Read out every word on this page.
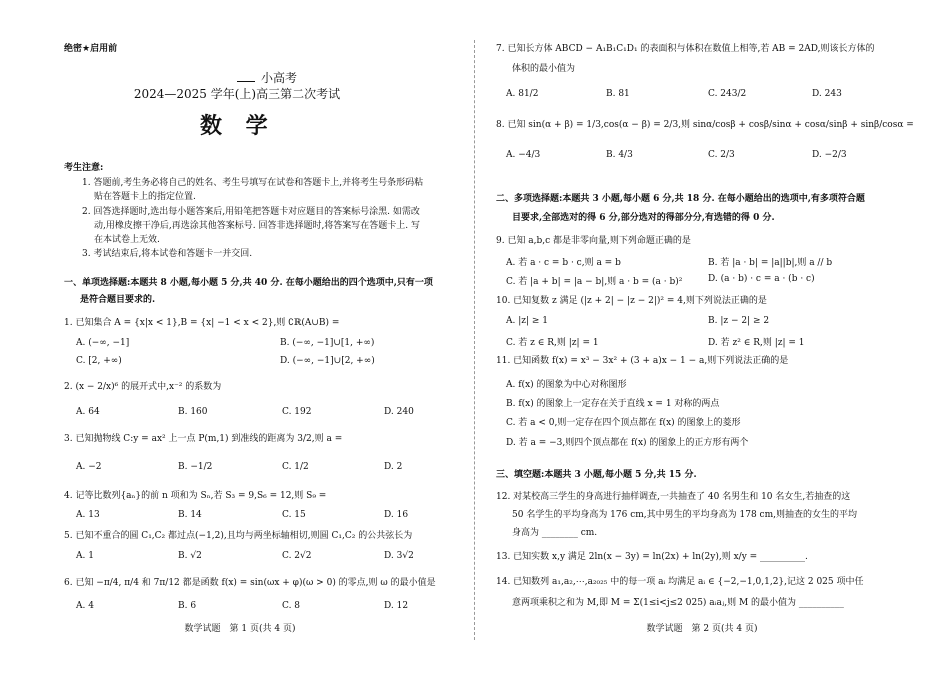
绝密★启用前
小高考
2024—2025 学年(上)高三第二次考试
数 学
考生注意:
1. 答题前,考生务必将自己的姓名、考生号填写在试卷和答题卡上,并将考生号条形码粘
贴在答题卡上的指定位置.
2. 回答选择题时,选出每小题答案后,用铅笔把答题卡对应题目的答案标号涂黑. 如需改
动,用橡皮擦干净后,再选涂其他答案标号. 回答非选择题时,将答案写在答题卡上. 写
在本试卷上无效.
3. 考试结束后,将本试卷和答题卡一并交回.
一、单项选择题:本题共 8 小题,每小题 5 分,共 40 分. 在每小题给出的四个选项中,只有一项
是符合题目要求的.
1. 已知集合 A = {x|x < 1},B = {x| −1 < x < 2},则 ∁ℝ(A∪B) =
A. (−∞, −1]	B. (−∞, −1]∪[1, +∞)
C. [2, +∞)	D. (−∞, −1]∪[2, +∞)
2. (x − 2/x)⁶ 的展开式中,x⁻² 的系数为
A. 64	B. 160	C. 192	D. 240
3. 已知抛物线 C:y = ax² 上一点 P(m,1) 到准线的距离为 3/2,则 a =
A. −2	B. −1/2	C. 1/2	D. 2
4. 记等比数列{aₙ}的前 n 项和为 Sₙ,若 S₃ = 9,S₆ = 12,则 S₉ =
A. 13	B. 14	C. 15	D. 16
5. 已知不重合的圆 C₁,C₂ 都过点(−1,2),且均与两坐标轴相切,则圆 C₁,C₂ 的公共弦长为
A. 1	B. √2	C. 2√2	D. 3√2
6. 已知 −π/4, π/4 和 7π/12 都是函数 f(x) = sin(ωx + φ)(ω > 0) 的零点,则 ω 的最小值是
A. 4	B. 6	C. 8	D. 12
数学试题　第 1 页(共 4 页)
7. 已知长方体 ABCD − A₁B₁C₁D₁ 的表面积与体积在数值上相等,若 AB = 2AD,则该长方体的
体积的最小值为
A. 81/2	B. 81	C. 243/2	D. 243
8. 已知 sin(α + β) = 1/3,cos(α − β) = 2/3,则 sinα/cosβ + cosβ/sinα + cosα/sinβ + sinβ/cosα =
A. −4/3	B. 4/3	C. 2/3	D. −2/3
二、多项选择题:本题共 3 小题,每小题 6 分,共 18 分. 在每小题给出的选项中,有多项符合题
目要求,全部选对的得 6 分,部分选对的得部分分,有选错的得 0 分.
9. 已知 a,b,c 都是非零向量,则下列命题正确的是
A. 若 a · c = b · c,则 a = b	B. 若 |a · b| = |a||b|,则 a // b
C. 若 |a + b| = |a − b|,则 a · b = (a · b)²	D. (a · b) · c = a · (b · c)
10. 已知复数 z 满足 (|z + 2| − |z − 2|)² = 4,则下列说法正确的是
A. |z| ≥ 1	B. |z − 2| ≥ 2
C. 若 z ∈ R,则 |z| = 1	D. 若 z² ∈ R,则 |z| = 1
11. 已知函数 f(x) = x³ − 3x² + (3 + a)x − 1 − a,则下列说法正确的是
A. f(x) 的图象为中心对称图形
B. f(x) 的图象上一定存在关于直线 x = 1 对称的两点
C. 若 a < 0,则一定存在四个顶点都在 f(x) 的图象上的菱形
D. 若 a = −3,则四个顶点都在 f(x) 的图象上的正方形有两个
三、填空题:本题共 3 小题,每小题 5 分,共 15 分.
12. 对某校高三学生的身高进行抽样调查,一共抽查了 40 名男生和 10 名女生,若抽查的这
50 名学生的平均身高为 176 cm,其中男生的平均身高为 178 cm,则抽查的女生的平均
身高为 ________ cm.
13. 已知实数 x,y 满足 2ln(x − 3y) = ln(2x) + ln(2y),则 x/y = __________.
14. 已知数列 a₁,a₂,⋯,a₂₀₂₅ 中的每一项 aᵢ 均满足 aᵢ ∈ {−2,−1,0,1,2},记这 2 025 项中任
意两项乘积之和为 M,即 M = Σ(1≤i<j≤2 025) aᵢaⱼ,则 M 的最小值为 __________
数学试题　第 2 页(共 4 页)
